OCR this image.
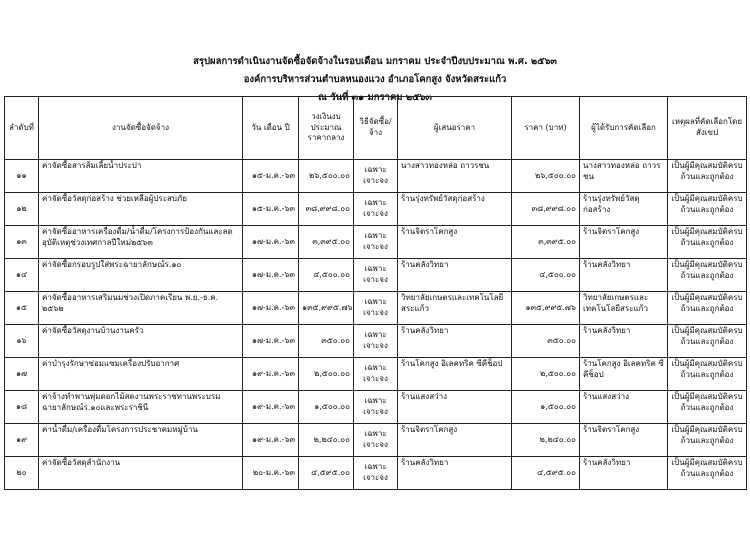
สรุปผลการดำเนินงานจัดซื้อจัดจ้างในรอบเดือน มกราคม ประจำปีงบประมาณ พ.ศ. ๒๕๖๓
องค์การบริหารส่วนตำบลหนองแวง อำเภอโคกสูง จังหวัดสระแก้ว
ณ วันที่ ๓๑ มกราคม ๒๕๖๓
ลำดับที่	งานจัดซื้อจัดจ้าง	วัน เดือน ปี	วงเงินงบประมาณราคากลาง	วิธีจัดซื้อ/จ้าง	ผู้เสนอราคา	ราคา (บาท)	ผู้ได้รับการคัดเลือก	เหตุผลที่คัดเลือกโดยสังเขป
๑๑	ค่าจัดซื้อสารส้มเลี้ยน้ำประปา	๑๕-ม.ค.-๖๓	๒๖,๕๐๐.๐๐	เฉพาะเจาะจง	นางสาวทองหล่อ ถาวรชน	๒๖,๕๐๐.๐๐	นางสาวทองหล่อ ถาวรชน	เป็นผู้มีคุณสมบัติครบถ้วนและถูกต้อง
๑๒	ค่าจัดซื้อวัสดุก่อสร้าง ช่วยเหลือผู้ประสบภัย	๑๕-ม.ค.-๖๓	๓๘,๙๙๘.๐๐	เฉพาะเจาะจง	ร้านรุ่งทรัพย์วัสดุก่อสร้าง	๓๘,๙๙๘.๐๐	ร้านรุ่งทรัพย์วัสดุก่อสร้าง	เป็นผู้มีคุณสมบัติครบถ้วนและถูกต้อง
๑๓	ค่าจัดซื้ออาหารเครื่องดื่ม/น้ำดื่ม/โครงการป้องกันและลดอุบัติเหตุช่วงเทศกาลปีใหม่๒๕๖๓	๑๗-ม.ค.-๖๓	๓,๓๙๕.๐๐	เฉพาะเจาะจง	ร้านจิตราโคกสูง	๓,๓๙๕.๐๐	ร้านจิตราโคกสูง	เป็นผู้มีคุณสมบัติครบถ้วนและถูกต้อง
๑๔	ค่าจัดซื้อกรอบรูปใส่พระฉายาลักษณ์ร.๑๐	๑๗-ม.ค.-๖๓	๔,๕๐๐.๐๐	เฉพาะเจาะจง	ร้านคลังวิทยา	๔,๕๐๐.๐๐	ร้านคลังวิทยา	เป็นผู้มีคุณสมบัติครบถ้วนและถูกต้อง
๑๕	ค่าจัดซื้ออาหารเสริมนมช่วงเปิดภาคเรียน พ.ย.-ธ.ค. ๒๕๖๒	๑๗-ม.ค.-๖๓	๑๓๕,๙๙๕.๗๖	เฉพาะเจาะจง	วิทยาลัยเกษตรและเทคโนโลยีสระแก้ว	๑๓๕,๙๙๕.๗๖	วิทยาลัยเกษตรและเทคโนโลยีสระแก้ว	เป็นผู้มีคุณสมบัติครบถ้วนและถูกต้อง
๑๖	ค่าจัดซื้อวัสดุงานบ้านงานครัว	๑๗-ม.ค.-๖๓	๓๕๐.๐๐	เฉพาะเจาะจง	ร้านคลังวิทยา	๓๕๐.๐๐	ร้านคลังวิทยา	เป็นผู้มีคุณสมบัติครบถ้วนและถูกต้อง
๑๗	ค่าบำรุงรักษาซ่อมแซมเครื่องปรับอากาศ	๑๙-ม.ค.-๖๓	๒,๕๐๐.๐๐	เฉพาะเจาะจง	ร้านโคกสูง อิเลคทริค ซีคีช็อป	๒,๕๐๐.๐๐	ร้านโคกสูง อิเลคทริค ซีคีช็อป	เป็นผู้มีคุณสมบัติครบถ้วนและถูกต้อง
๑๘	ค่าจ้างทำพานพุ่มดอกไม้สดงานพระราชทานพระบรมฉายาลักษณ์ร.๑๐และพระราชินี	๑๙-ม.ค.-๖๓	๑,๕๐๐.๐๐	เฉพาะเจาะจง	ร้านแสงสว่าง	๑,๕๐๐.๐๐	ร้านแสงสว่าง	เป็นผู้มีคุณสมบัติครบถ้วนและถูกต้อง
๑๙	ค่าน้ำดื่ม/เครื่องดื่มโครงการประชาคมหมู่บ้าน	๑๙-ม.ค.-๖๓	๒,๒๔๐.๐๐	เฉพาะเจาะจง	ร้านจิตราโคกสูง	๒,๒๔๐.๐๐	ร้านจิตราโคกสูง	เป็นผู้มีคุณสมบัติครบถ้วนและถูกต้อง
๒๐	ค่าจัดซื้อวัสดุสำนักงาน	๒๐-ม.ค.-๖๓	๔,๕๙๕.๐๐	เฉพาะเจาะจง	ร้านคลังวิทยา	๔,๕๙๕.๐๐	ร้านคลังวิทยา	เป็นผู้มีคุณสมบัติครบถ้วนและถูกต้อง
